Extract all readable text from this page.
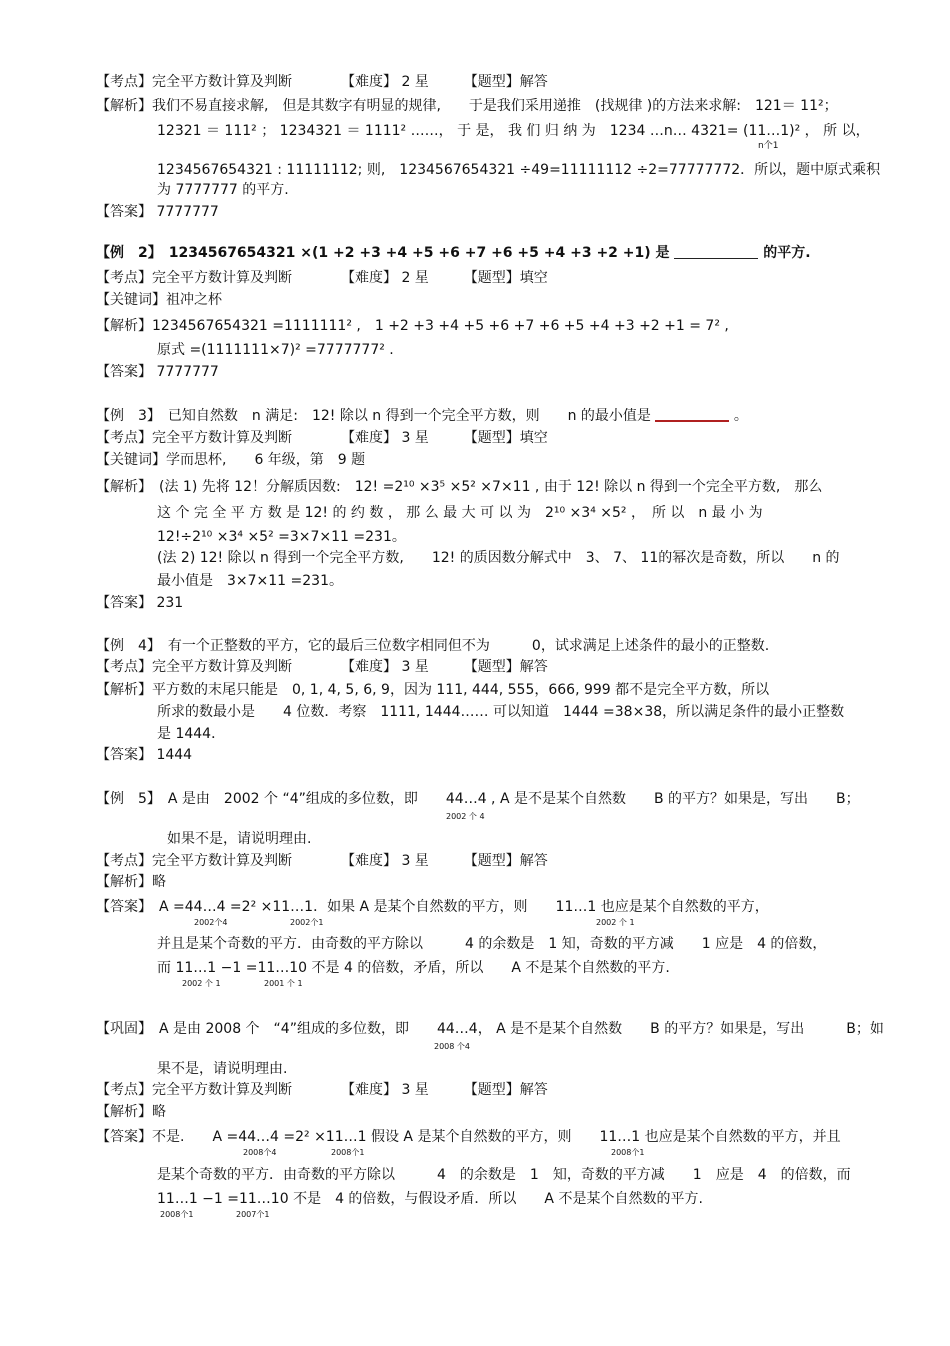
【考点】完全平方数计算及判断　　　　【难度】 2 星　　　【题型】解答
【解析】我们不易直接求解,　但是其数字有明显的规律,　　于是我们采用递推　(找规律 )的方法来求解:　121＝ 11²；
12321 ＝ 111² ； 1234321 ＝ 1111² ……， 于 是， 我 们 归 纳 为　1234 …n… 4321= (11…1)² ， 所 以，
n个1
1234567654321 : 11111112; 则,　1234567654321 ÷49=11111112 ÷2=77777772．所以，题中原式乘积
为 7777777 的平方.
【答案】 7777777
【例　2】　1234567654321 ×(1 +2 +3 +4 +5 +6 +7 +6 +5 +4 +3 +2 +1) 是	的平方.
【考点】完全平方数计算及判断　　　　【难度】 2 星　　　【题型】填空
【关键词】祖冲之杯
【解析】1234567654321 =1111111² ,　1 +2 +3 +4 +5 +6 +7 +6 +5 +4 +3 +2 +1 = 7² ,
原式 =(1111111×7)² =7777777² .
【答案】 7777777
【例　3】　已知自然数　n 满足:　12! 除以 n 得到一个完全平方数，则　　n 的最小值是	。
【考点】完全平方数计算及判断　　　　【难度】 3 星　　　【题型】填空
【关键词】学而思杯,　　6 年级，第　9 题
【解析】　(法 1) 先将 12！分解质因数:　12! =2¹⁰ ×3⁵ ×5² ×7×11 , 由于 12! 除以 n 得到一个完全平方数,　那么
这 个 完 全 平 方 数 是 12! 的 约 数 ， 那 么 最 大 可 以 为　2¹⁰ ×3⁴ ×5² ，　所 以　n 最 小 为
12!÷2¹⁰ ×3⁴ ×5² =3×7×11 =231。
(法 2) 12! 除以 n 得到一个完全平方数,　　12! 的质因数分解式中　3、 7、 11的幂次是奇数，所以　　n 的
最小值是　3×7×11 =231。
【答案】 231
【例　4】　有一个正整数的平方，它的最后三位数字相同但不为　　　0，试求满足上述条件的最小的正整数.
【考点】完全平方数计算及判断　　　　【难度】 3 星　　　【题型】解答
【解析】平方数的末尾只能是　0, 1, 4, 5, 6, 9，因为 111, 444, 555，666, 999 都不是完全平方数，所以
所求的数最小是　　4 位数．考察　1111, 1444…… 可以知道　1444 =38×38，所以满足条件的最小正整数
是 1444．
【答案】 1444
【例　5】　A 是由　2002 个 “4”组成的多位数，即　　44…4 , A 是不是某个自然数　　B 的平方？如果是，写出　　B；
2002 个 4
如果不是，请说明理由.
【考点】完全平方数计算及判断　　　　【难度】 3 星　　　【题型】解答
【解析】略
【答案】　A =44…4 =2² ×11…1．如果 A 是某个自然数的平方，则　　11…1 也应是某个自然数的平方，
2002个4	2002个1	2002 个 1
并且是某个奇数的平方．由奇数的平方除以　　　4 的余数是　1 知，奇数的平方减　　1 应是　4 的倍数，
而 11…1 −1 =11…10 不是 4 的倍数，矛盾，所以　　A 不是某个自然数的平方.
2002 个 1	2001 个 1
【巩固】　A 是由 2008 个　“4”组成的多位数，即　　44…4， A 是不是某个自然数　　B 的平方？如果是，写出　　　B；如
2008 个4
果不是，请说明理由.
【考点】完全平方数计算及判断　　　　【难度】 3 星　　　【题型】解答
【解析】略
【答案】不是.　　A =44…4 =2² ×11…1 假设 A 是某个自然数的平方，则　　11…1 也应是某个自然数的平方，并且
2008个4	2008个1	2008个1
是某个奇数的平方．由奇数的平方除以　　　4　的余数是　1　知，奇数的平方减　　1　应是　4　的倍数，而
11…1 −1 =11…10 不是　4 的倍数，与假设矛盾．所以　　A 不是某个自然数的平方.
2008个1	2007个1
